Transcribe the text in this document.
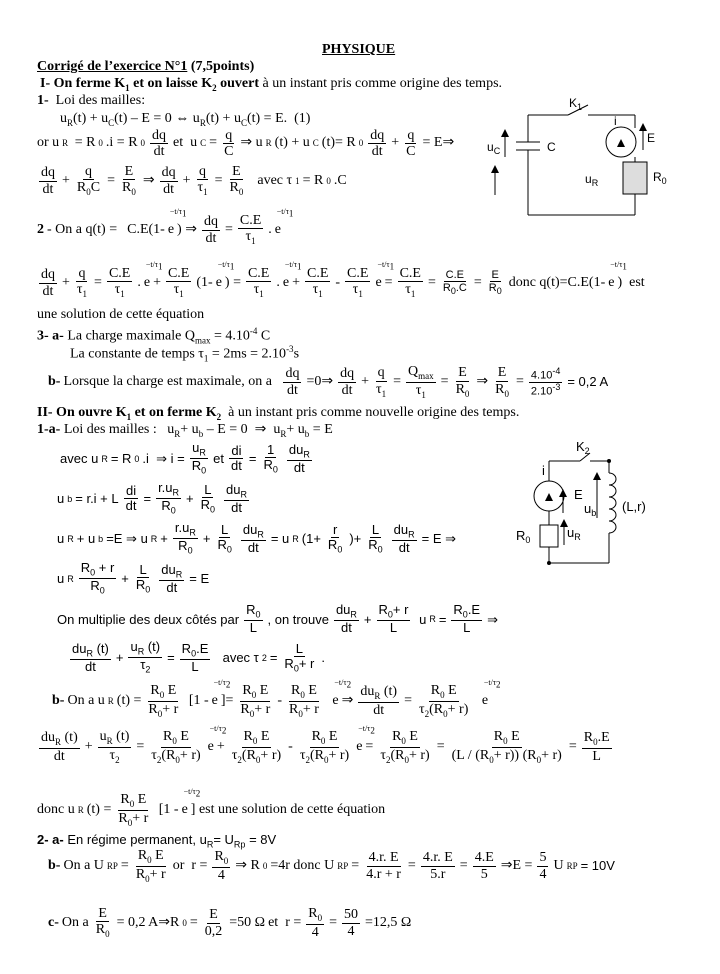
PHYSIQUE
Corrigé de l’exercice N°1 (7,5points)
I- On ferme $K_1$ et on laisse $K_2$ ouvert à un instant pris comme origine des temps.
1- Loi des mailles:
$u_R(t) + u_C(t) - E = 0$ ⇔ $u_R(t) + u_C(t) = E$.  (1)
or u R = R 0 .i = R 0
dq
dt
et  u C = q
C
⇒ u R (t) + u C (t)= R 0
dq
dt
+ q
C
= E⇒
dq
dt
+
q
$R_0C$
=
E
$R_0$
⇒ dq
dt
+
q
$\tau_1$
=
E
$R_0$
avec τ 1 = R 0 .C
2 - On a q(t) = C.E(1- e
$-t/\tau_1$
) ⇒ dq
dt
=
C.E
$\tau_1$
. e
$-t/\tau_1$
dq
dt
+
q
$\tau_1$
=
C.E
$\tau_1$
. e
$-t/\tau_1$
+
C.E
$\tau_1$
(1- e
$-t/\tau_1$
) =
C.E
$\tau_1$
. e
$-t/\tau_1$
+
C.E
$\tau_1$
-
C.E
$\tau_1$
e
$-t/\tau_1$
=
C.E
$\tau_1$
= C.E
$R_0.C = E$
$R_0$
donc q(t)=C.E(1- e
$-t/\tau_1$
)  est
une solution de cette équation
3- a- La charge maximale $Q_{max} = 4.10^{-4}$ C
La constante de temps $\tau_1 = 2ms = 2.10^{-3}s$
b- Lorsque la charge est maximale, on a
dq
dt
=0⇒ dq
dt
+
q
$\tau_1$
=
$Q_{max}$
$\tau_1$
=
E
$R_0$
⇒
E
$R_0$
= $\frac{4.10^{-4}}{2.10^{-3}} = 0,2$ A
II- On ouvre $K_1$ et on ferme $K_2$ à un instant pris comme nouvelle origine des temps.
1-a- Loi des mailles :   $u_R+ u_b - E = 0$  ⇒  $u_R+ u_b = E$
avec u R = R 0 .i  ⇒ i =
$u_R$
$R_0$
et
di
dt =
1
$R_0$
$du_R$
dt
u b = r.i + L
di
dt =
$r.u_R$
$R_0$
+
L
$R_0$
$du_R$
dt
u R + u b =E ⇒ u R +
$r.u_R$
$R_0$
+
L
$R_0$
$du_R$
dt
= u R (1+
r
$R_0$
)+
L
$R_0$
$du_R$
dt
= E ⇒
u R
$R_0 + r$
$R_0$
+
L
$R_0$
$du_R$
dt
= E
On multiplie des deux côtés par
$R_0$
L
, on trouve
$du_R$
dt
+
$R_0+ r$
L
u R =
$R_0.E$
L
⇒
$du_R$ (t)
dt
+
$u_R$ (t)
$\tau_2$
=
$R_0.E$
L
avec τ 2 =
L
$R_0+ r$ .
b- On a u R (t) =
$R_0$ E
$R_0+ r$
[1 - e
$-t/\tau_2$
]=
$R_0$ E
$R_0+ r$
-
$R_0$ E
$R_0+ r$

e
$-t/\tau_2$
⇒
$du_R$ (t)
dt
=
$R_0$ E
$\tau_2(R_0+ r)$

e
$-t/\tau_2$
$du_R$ (t)
dt
+
$u_R$ (t)
$\tau_2$
=
$R_0$ E
$\tau_2(R_0+ r)$
e
$-t/\tau_2$
+
$R_0$ E
$\tau_2(R_0+ r)$
-
$R_0$ E
$\tau_2(R_0+ r)$
e
$-t/\tau_2$
=
$R_0$ E
$\tau_2(R_0+ r)$
=
$R_0$ E
$(L / (R_0+ r))$ $(R_0+ r)$
=
$R_0.E$
L
donc u R (t) =
$R_0$ E
$R_0+ r$
[1 - e
$-t/\tau_2$
] est une solution de cette équation
2- a- En régime permanent, $u_R= U_{Rp} = 8V$
b- On a U RP =
$R_0$ E
$R_0+ r$
or  r =
$R_0$
4
⇒ R 0 =4r donc U RP = 4.r. E
4.r + r
= 4.r. E
5.r
= 4.E
5
⇒E = 5
4
U RP = 10V
c- On a
E
$R_0$
= 0,2 A⇒R $0 = \frac{E}{0,2} =50$ Ω et  r =
$R_0$
4
= $\frac{50}{4} =12,5$ Ω
$K_1$
i
E
$u_C$	C
$u_R$	$R_0$
$K_2$
i
E
$u_b$ (L,r)
$R_0$	$u_R$
